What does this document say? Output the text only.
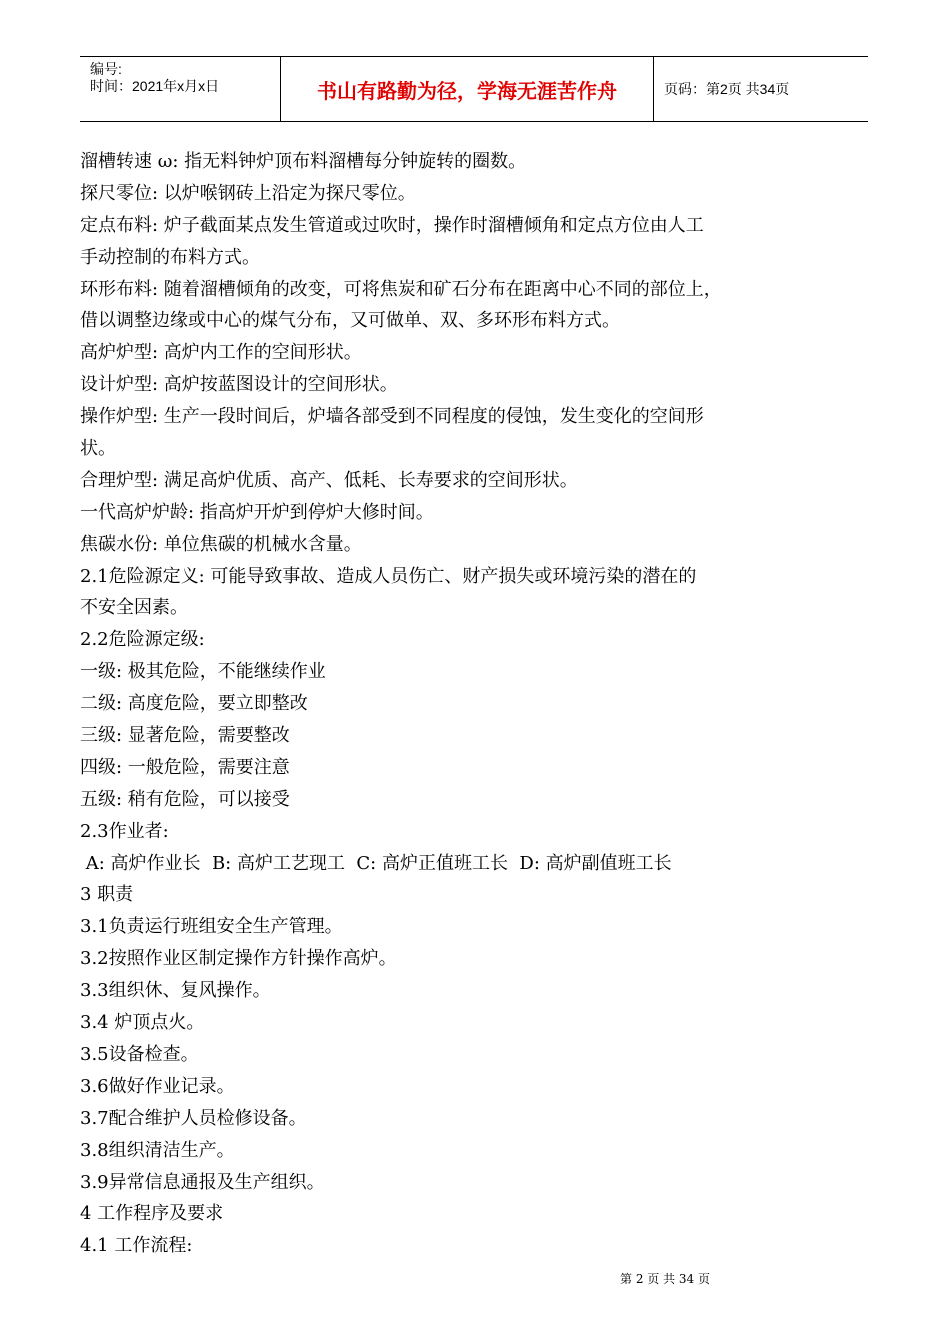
编号:
时间：2021年x月x日	书山有路勤为径，学海无涯苦作舟	页码：第2页 共34页
溜槽转速 ω: 指无料钟炉顶布料溜槽每分钟旋转的圈数。
探尺零位: 以炉喉钢砖上沿定为探尺零位。
定点布料: 炉子截面某点发生管道或过吹时，操作时溜槽倾角和定点方位由人工
手动控制的布料方式。
环形布料: 随着溜槽倾角的改变，可将焦炭和矿石分布在距离中心不同的部位上，
借以调整边缘或中心的煤气分布，又可做单、双、多环形布料方式。
高炉炉型: 高炉内工作的空间形状。
设计炉型: 高炉按蓝图设计的空间形状。
操作炉型: 生产一段时间后，炉墙各部受到不同程度的侵蚀，发生变化的空间形
状。
合理炉型: 满足高炉优质、高产、低耗、长寿要求的空间形状。
一代高炉炉龄: 指高炉开炉到停炉大修时间。
焦碳水份: 单位焦碳的机械水含量。
2.1危险源定义: 可能导致事故、造成人员伤亡、财产损失或环境污染的潜在的
不安全因素。
2.2危险源定级:
一级: 极其危险，不能继续作业
二级: 高度危险，要立即整改
三级: 显著危险，需要整改
四级: 一般危险，需要注意
五级: 稍有危险，可以接受
2.3作业者:
A: 高炉作业长  B: 高炉工艺现工  C: 高炉正值班工长  D: 高炉副值班工长
3 职责
3.1负责运行班组安全生产管理。
3.2按照作业区制定操作方针操作高炉。
3.3组织休、复风操作。
3.4 炉顶点火。
3.5设备检查。
3.6做好作业记录。
3.7配合维护人员检修设备。
3.8组织清洁生产。
3.9异常信息通报及生产组织。
4 工作程序及要求
4.1 工作流程:
第 2 页 共 34 页
